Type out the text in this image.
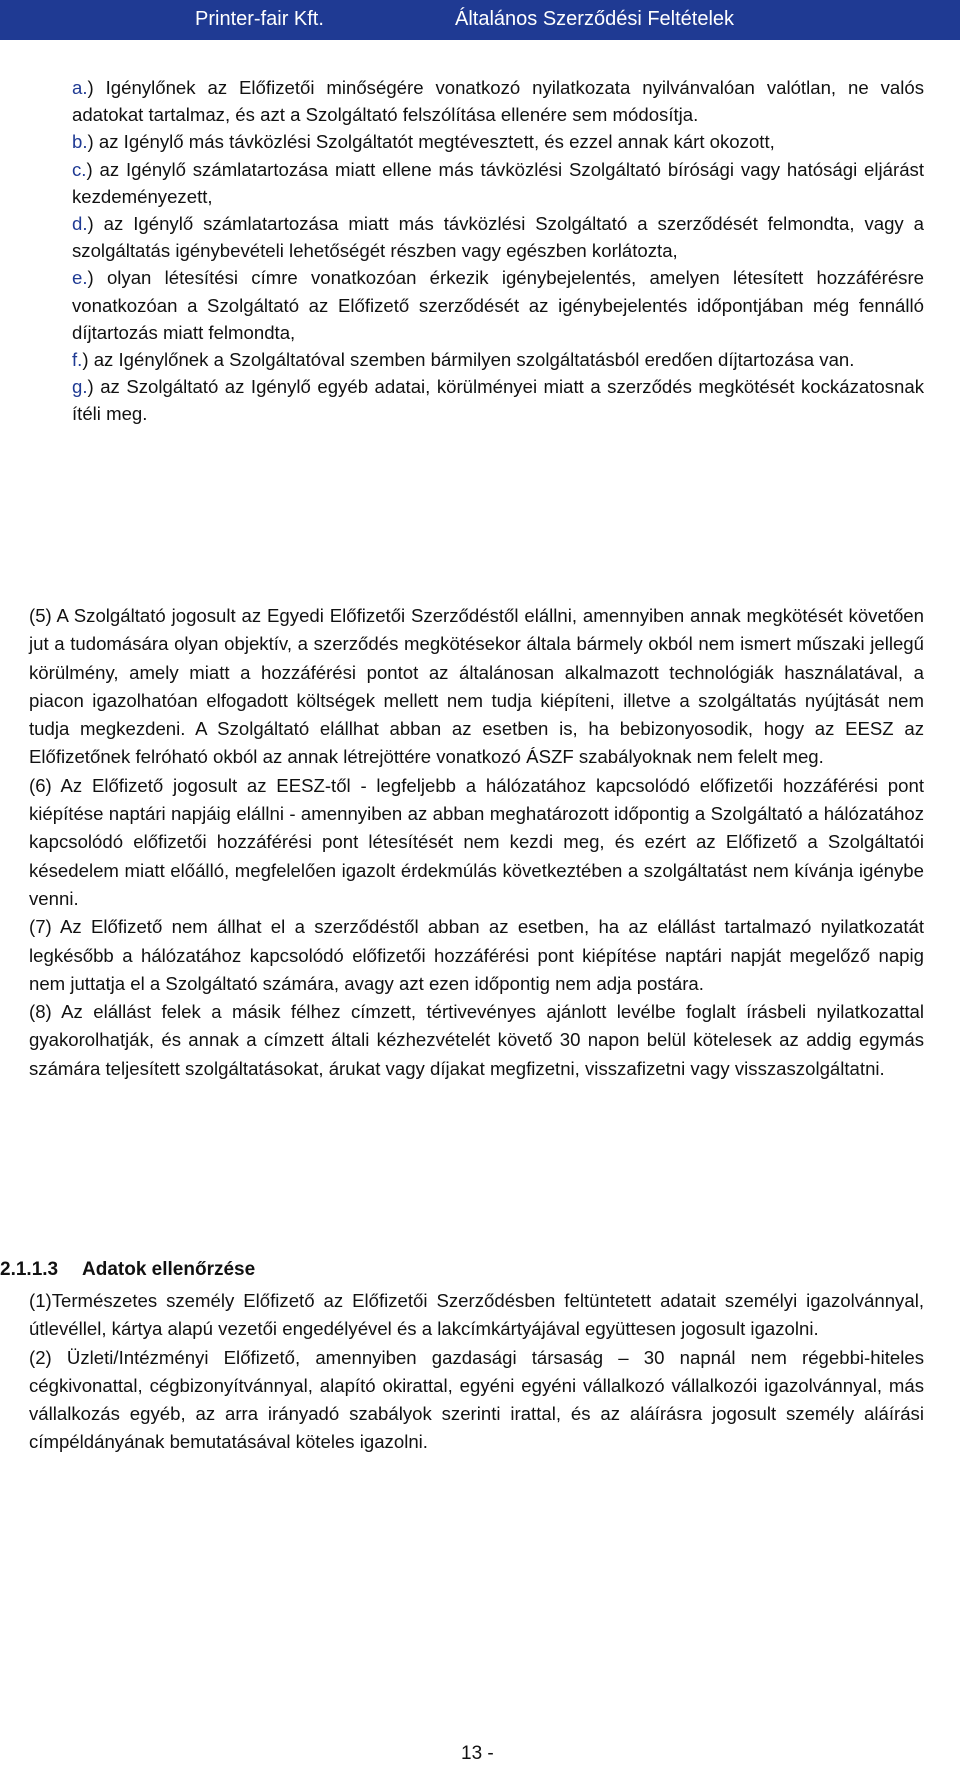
Printer-fair Kft.	Általános Szerződési Feltételek
a.) Igénylőnek az Előfizetői minőségére vonatkozó nyilatkozata nyilvánvalóan valótlan, ne valós adatokat tartalmaz, és azt a Szolgáltató felszólítása ellenére sem módosítja.
b.) az Igénylő más távközlési Szolgáltatót megtévesztett, és ezzel annak kárt okozott,
c.) az Igénylő számlatartozása miatt ellene más távközlési Szolgáltató bírósági vagy hatósági eljárást kezdeményezett,
d.) az Igénylő számlatartozása miatt más távközlési Szolgáltató a szerződését felmondta, vagy a szolgáltatás igénybevételi lehetőségét részben vagy egészben korlátozta,
e.) olyan létesítési címre vonatkozóan érkezik igénybejelentés, amelyen létesített hozzáférésre vonatkozóan a Szolgáltató az Előfizető szerződését az igénybejelentés időpontjában még fennálló díjtartozás miatt felmondta,
f.) az Igénylőnek a Szolgáltatóval szemben bármilyen szolgáltatásból eredően díjtartozása van.
g.) az Szolgáltató az Igénylő egyéb adatai, körülményei miatt a szerződés megkötését kockázatosnak ítéli meg.

(5) A Szolgáltató jogosult az Egyedi Előfizetői Szerződéstől elállni, amennyiben annak megkötését követően jut a tudomására olyan objektív, a szerződés megkötésekor általa bármely okból nem ismert műszaki jellegű körülmény, amely miatt a hozzáférési pontot az általánosan alkalmazott technológiák használatával, a piacon igazolhatóan elfogadott költségek mellett nem tudja kiépíteni, illetve a szolgáltatás nyújtását nem tudja megkezdeni. A Szolgáltató elállhat abban az esetben is, ha bebizonyosodik, hogy az EESZ az Előfizetőnek felróható okból az annak létrejöttére vonatkozó ÁSZF szabályoknak nem felelt meg.

(6) Az Előfizető jogosult az EESZ-től - legfeljebb a hálózatához kapcsolódó előfizetői hozzáférési pont kiépítése naptári napjáig elállni - amennyiben az abban meghatározott időpontig a Szolgáltató a hálózatához kapcsolódó előfizetői hozzáférési pont létesítését nem kezdi meg, és ezért az Előfizető a Szolgáltatói késedelem miatt előálló, megfelelően igazolt érdekmúlás következtében a szolgáltatást nem kívánja igénybe venni.

(7) Az Előfizető nem állhat el a szerződéstől abban az esetben, ha az elállást tartalmazó nyilatkozatát legkésőbb a hálózatához kapcsolódó előfizetői hozzáférési pont kiépítése naptári napját megelőző napig nem juttatja el a Szolgáltató számára, avagy azt ezen időpontig nem adja postára.

(8) Az elállást felek a másik félhez címzett, tértivevényes ajánlott levélbe foglalt írásbeli nyilatkozattal gyakorolhatják, és annak a címzett általi kézhezvételét követő 30 napon belül kötelesek az addig egymás számára teljesített szolgáltatásokat, árukat vagy díjakat megfizetni, visszafizetni vagy visszaszolgáltatni.

2.1.1.3 Adatok ellenőrzése

(1)Természetes személy Előfizető az Előfizetői Szerződésben feltüntetett adatait személyi igazolvánnyal, útlevéllel, kártya alapú vezetői engedélyével és a lakcímkártyájával együttesen jogosult igazolni.

(2) Üzleti/Intézményi Előfizető, amennyiben gazdasági társaság – 30 napnál nem régebbi-hiteles cégkivonattal, cégbizonyítvánnyal, alapító okirattal, egyéni egyéni vállalkozó vállalkozói igazolvánnyal, más vállalkozás egyéb, az arra irányadó szabályok szerinti irattal, és az aláírásra jogosult személy aláírási címpéldányának bemutatásával köteles igazolni.

13 -
